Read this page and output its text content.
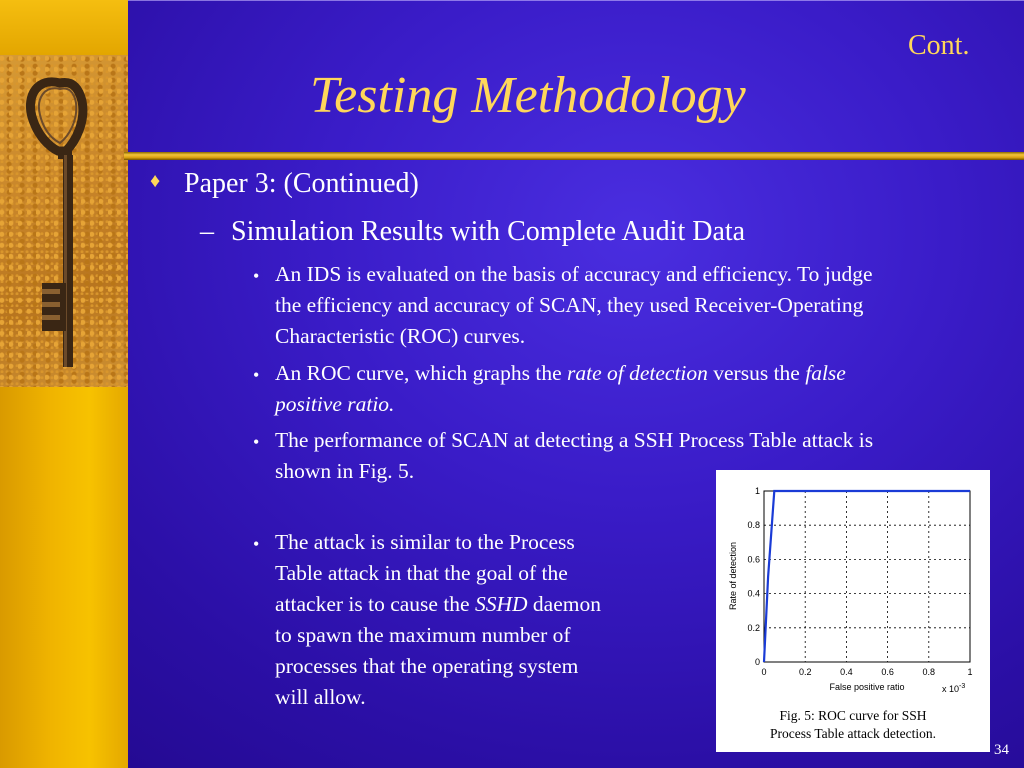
Cont.
Testing Methodology
♦ Paper 3: (Continued)
– Simulation Results with Complete Audit Data
• An IDS is evaluated on the basis of accuracy and efficiency. To judge
the efficiency and accuracy of SCAN, they used Receiver-Operating
Characteristic (ROC) curves.
• An ROC curve, which graphs the rate of detection versus the false
positive ratio.
• The performance of SCAN at detecting a SSH Process Table attack is
shown in Fig. 5.
• The attack is similar to the Process
Table attack in that the goal of the
attacker is to cause the SSHD daemon
to spawn the maximum number of
processes that the operating system
will allow.
0	0.2	0.4	0.6	0.8	1
0
0.2
0.4
0.6
0.8
1
False positive ratio
Rate of detection
x $10^{-3}$
Fig. 5: ROC curve for SSH
Process Table attack detection.
34
